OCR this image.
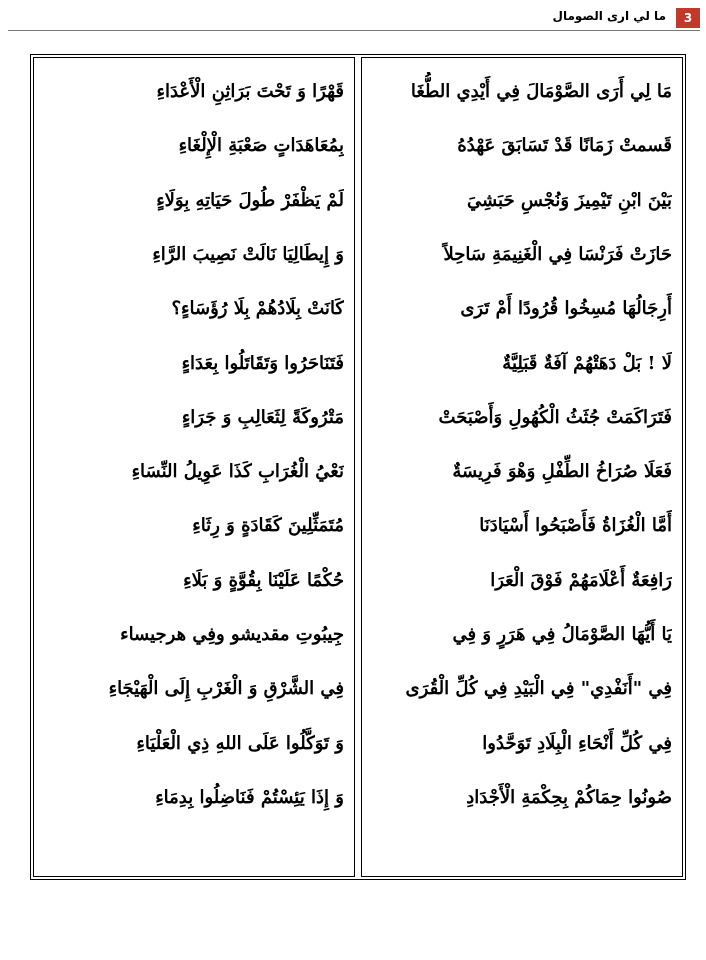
3
ما لي ارى الصومال
مَا لِي أَرَى الصَّوْمَالَ فِي أَيْدِي الطُّغَا
قَسمتْ زَمَانًا قَدْ تَسَابَقَ عَهْدُهُ
بَيْنَ ابْنِ تَيْمِيزَ وَنُجْسِ حَبَشِيَ
حَازَتْ فَرَنْسَا فِي الْغَنِيمَةِ سَاحِلاً
أَرِجَالُهَا مُسِخُوا قُرُودًا أَمْ تَرَى
لَا ! بَلْ دَهَتْهُمْ آفَةٌ قَبَلِيَّةٌ
فَتَرَاكَمَتْ جُثَثُ الْكُهُولِ وَأَصْبَحَتْ
فَعَلَا صُرَاخُ الطِّفْلِ وَهْوَ فَرِيسَةٌ
أَمَّا الْغُزَاةُ فَأَصْبَحُوا أَسْيَادَنَا
رَافِعَةٌ أَعْلَامَهُمْ فَوْقَ الْعَرَا
يَا أَيُّهَا الصَّوْمَالُ فِي هَرَرٍ وَ فِي
فِي "أَنَفْدِي" فِي الْبَيْدِ فِي كُلِّ الْقُرَى
فِي كُلِّ أَنْحَاءِ الْبِلَادِ تَوَحَّدُوا
صُونُوا حِمَاكُمْ بِحِكْمَةِ الْأَجْدَادِ
قَهْرًا وَ تَحْتَ بَرَاثِنِ الْأَعْدَاءِ
بِمُعَاهَدَاتٍ صَعْبَةِ الْإِلْغَاءِ
لَمْ يَظْفَرْ طُولَ حَيَاتِهِ بِوَلَاءٍ
وَ إِيطَالِيَا نَالَتْ نَصِيبَ الرَّاءِ
كَانَتْ بِلَادُهُمْ بِلَا رُؤَسَاءٍ؟
فَتَنَاحَرُوا وَتَقَاتَلُوا بِعَدَاءٍ
مَتْرُوكَةً لِثَعَالِبِ وَ جَرَاءٍ
نَعْيُ الْغُرَابِ كَذَا عَوِيلُ النِّسَاءِ
مُتَمَثِّلِينَ كَقَادَةٍ وَ رِثَاءِ
حُكْمًا عَلَيْنَا بِقُوَّةٍ وَ بَلَاءِ
جِيبُوتِ مقديشو وفِي هرجيساء
فِي الشَّرْقِ وَ الْغَرْبِ إِلَى الْهَيْجَاءِ
وَ تَوَكَّلُوا عَلَى اللهِ ذِي الْعَلْيَاءِ
وَ إِذَا يَئِسْتُمْ فَنَاضِلُوا بِدِمَاءِ
